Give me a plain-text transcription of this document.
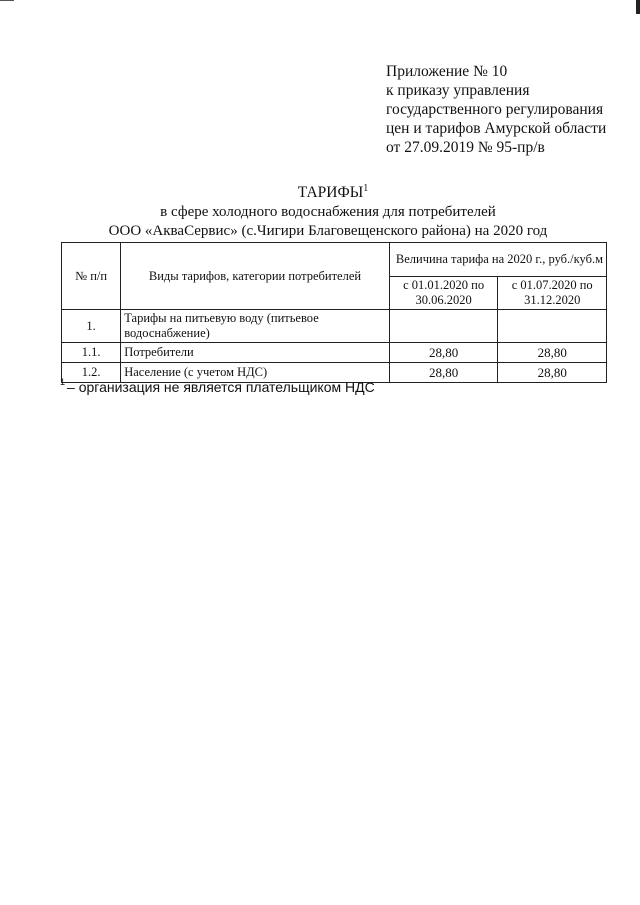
Приложение № 10
к приказу управления
государственного регулирования
цен и тарифов Амурской области
от 27.09.2019 № 95-пр/в
ТАРИФЫ$^1$
в сфере холодного водоснабжения для потребителей
ООО «АкваСервис» (с.Чигири Благовещенского района) на 2020 год
№ п/п	Виды тарифов, категории потребителей	Величина тарифа на 2020 г., руб./куб.м	
		с 01.01.2020 по 30.06.2020	с 01.07.2020 по 31.12.2020
1.	Тарифы на питьевую воду (питьевое водоснабжение)		
1.1.	Потребители	28,80	28,80
1.2.	Население (с учетом НДС)	28,80	28,80
$^1$ – организация не является плательщиком НДС
